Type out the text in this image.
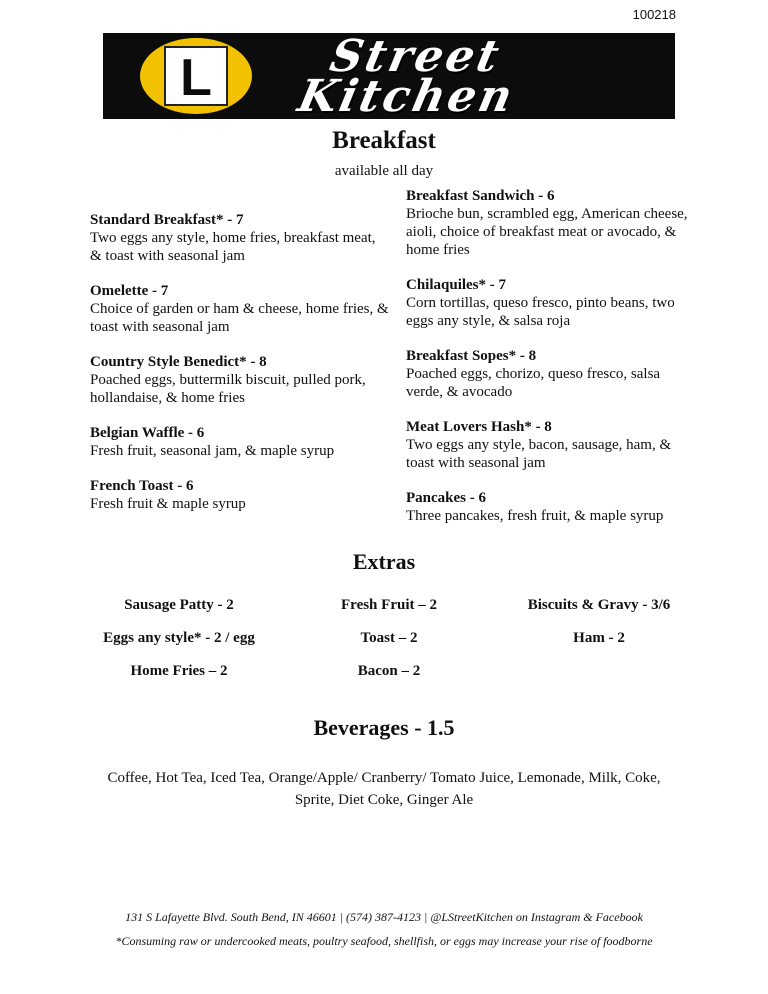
100218
L	Street
Kitchen
Breakfast
available all day
Standard Breakfast* - 7
Two eggs any style, home fries, breakfast meat, & toast with seasonal jam
Omelette - 7
Choice of garden or ham & cheese, home fries, & toast with seasonal jam
Country Style Benedict* - 8
Poached eggs, buttermilk biscuit, pulled pork, hollandaise, & home fries
Belgian Waffle - 6
Fresh fruit, seasonal jam, & maple syrup
French Toast - 6
Fresh fruit & maple syrup
Breakfast Sandwich - 6
Brioche bun, scrambled egg, American cheese, aioli, choice of breakfast meat or avocado, & home fries
Chilaquiles* - 7
Corn tortillas, queso fresco, pinto beans, two eggs any style, & salsa roja
Breakfast Sopes* - 8
Poached eggs, chorizo, queso fresco, salsa verde, & avocado
Meat Lovers Hash* - 8
Two eggs any style, bacon, sausage, ham, & toast with seasonal jam
Pancakes - 6
Three pancakes, fresh fruit, & maple syrup
Extras
Sausage Patty - 2	Fresh Fruit – 2	Biscuits & Gravy - 3/6
Eggs any style* - 2 / egg	Toast – 2	Ham - 2
Home Fries – 2	Bacon – 2
Beverages - 1.5
Coffee, Hot Tea, Iced Tea, Orange/Apple/ Cranberry/ Tomato Juice, Lemonade, Milk, Coke, Sprite, Diet Coke, Ginger Ale
131 S Lafayette Blvd. South Bend, IN 46601 | (574) 387-4123 | @LStreetKitchen on Instagram & Facebook
*Consuming raw or undercooked meats, poultry seafood, shellfish, or eggs may increase your rise of foodborne
